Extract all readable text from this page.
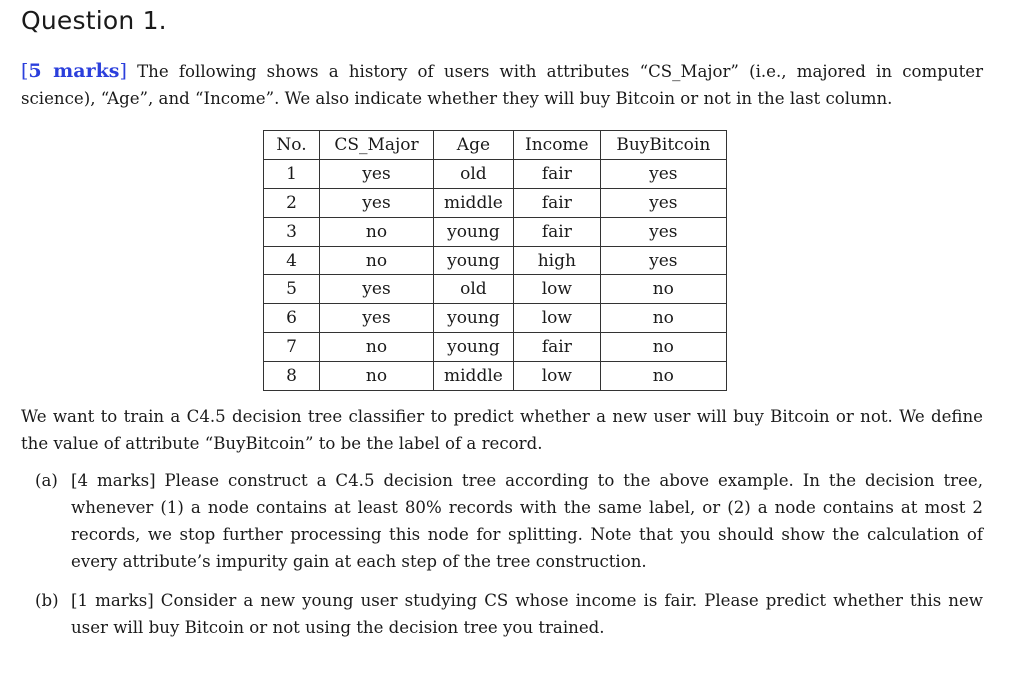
Question 1.

[5 marks] The following shows a history of users with attributes “CS_Major” (i.e., majored in computer science), “Age”, and “Income”. We also indicate whether they will buy Bitcoin or not in the last column.

No.	CS_Major	Age	Income	BuyBitcoin
1	yes	old	fair	yes
2	yes	middle	fair	yes
3	no	young	fair	yes
4	no	young	high	yes
5	yes	old	low	no
6	yes	young	low	no
7	no	young	fair	no
8	no	middle	low	no

We want to train a C4.5 decision tree classifier to predict whether a new user will buy Bitcoin or not. We define the value of attribute “BuyBitcoin” to be the label of a record.

(a) [4 marks] Please construct a C4.5 decision tree according to the above example. In the decision tree, whenever (1) a node contains at least 80% records with the same label, or (2) a node contains at most 2 records, we stop further processing this node for splitting. Note that you should show the calculation of every attribute’s impurity gain at each step of the tree construction.
(b) [1 marks] Consider a new young user studying CS whose income is fair. Please predict whether this new user will buy Bitcoin or not using the decision tree you trained.
